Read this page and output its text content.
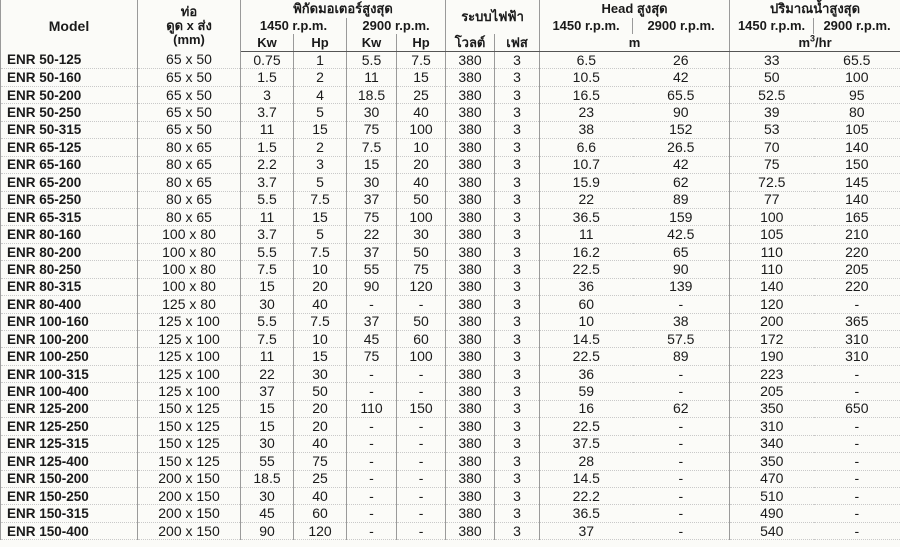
Model	ท่อ
ดูด x ส่ง
(mm)	พิกัดมอเตอร์สูงสุด				ระบบไฟฟ้า		Head สูงสุด		ปริมาณน้ำสูงสุด	
		1450 r.p.m.		2900 r.p.m.				1450 r.p.m.	2900 r.p.m.	1450 r.p.m.	2900 r.p.m.
		Kw	Hp	Kw	Hp	โวลต์	เฟส	m		$m^3/hr$	
ENR 50-125	65 x 50	0.75	1	5.5	7.5	380	3	6.5	26	33	65.5
ENR 50-160	65 x 50	1.5	2	11	15	380	3	10.5	42	50	100
ENR 50-200	65 x 50	3	4	18.5	25	380	3	16.5	65.5	52.5	95
ENR 50-250	65 x 50	3.7	5	30	40	380	3	23	90	39	80
ENR 50-315	65 x 50	11	15	75	100	380	3	38	152	53	105
ENR 65-125	80 x 65	1.5	2	7.5	10	380	3	6.6	26.5	70	140
ENR 65-160	80 x 65	2.2	3	15	20	380	3	10.7	42	75	150
ENR 65-200	80 x 65	3.7	5	30	40	380	3	15.9	62	72.5	145
ENR 65-250	80 x 65	5.5	7.5	37	50	380	3	22	89	77	140
ENR 65-315	80 x 65	11	15	75	100	380	3	36.5	159	100	165
ENR 80-160	100 x 80	3.7	5	22	30	380	3	11	42.5	105	210
ENR 80-200	100 x 80	5.5	7.5	37	50	380	3	16.2	65	110	220
ENR 80-250	100 x 80	7.5	10	55	75	380	3	22.5	90	110	205
ENR 80-315	100 x 80	15	20	90	120	380	3	36	139	140	220
ENR 80-400	125 x 80	30	40	-	-	380	3	60	-	120	-
ENR 100-160	125 x 100	5.5	7.5	37	50	380	3	10	38	200	365
ENR 100-200	125 x 100	7.5	10	45	60	380	3	14.5	57.5	172	310
ENR 100-250	125 x 100	11	15	75	100	380	3	22.5	89	190	310
ENR 100-315	125 x 100	22	30	-	-	380	3	36	-	223	-
ENR 100-400	125 x 100	37	50	-	-	380	3	59	-	205	-
ENR 125-200	150 x 125	15	20	110	150	380	3	16	62	350	650
ENR 125-250	150 x 125	15	20	-	-	380	3	22.5	-	310	-
ENR 125-315	150 x 125	30	40	-	-	380	3	37.5	-	340	-
ENR 125-400	150 x 125	55	75	-	-	380	3	28	-	350	-
ENR 150-200	200 x 150	18.5	25	-	-	380	3	14.5	-	470	-
ENR 150-250	200 x 150	30	40	-	-	380	3	22.2	-	510	-
ENR 150-315	200 x 150	45	60	-	-	380	3	36.5	-	490	-
ENR 150-400	200 x 150	90	120	-	-	380	3	37	-	540	-
